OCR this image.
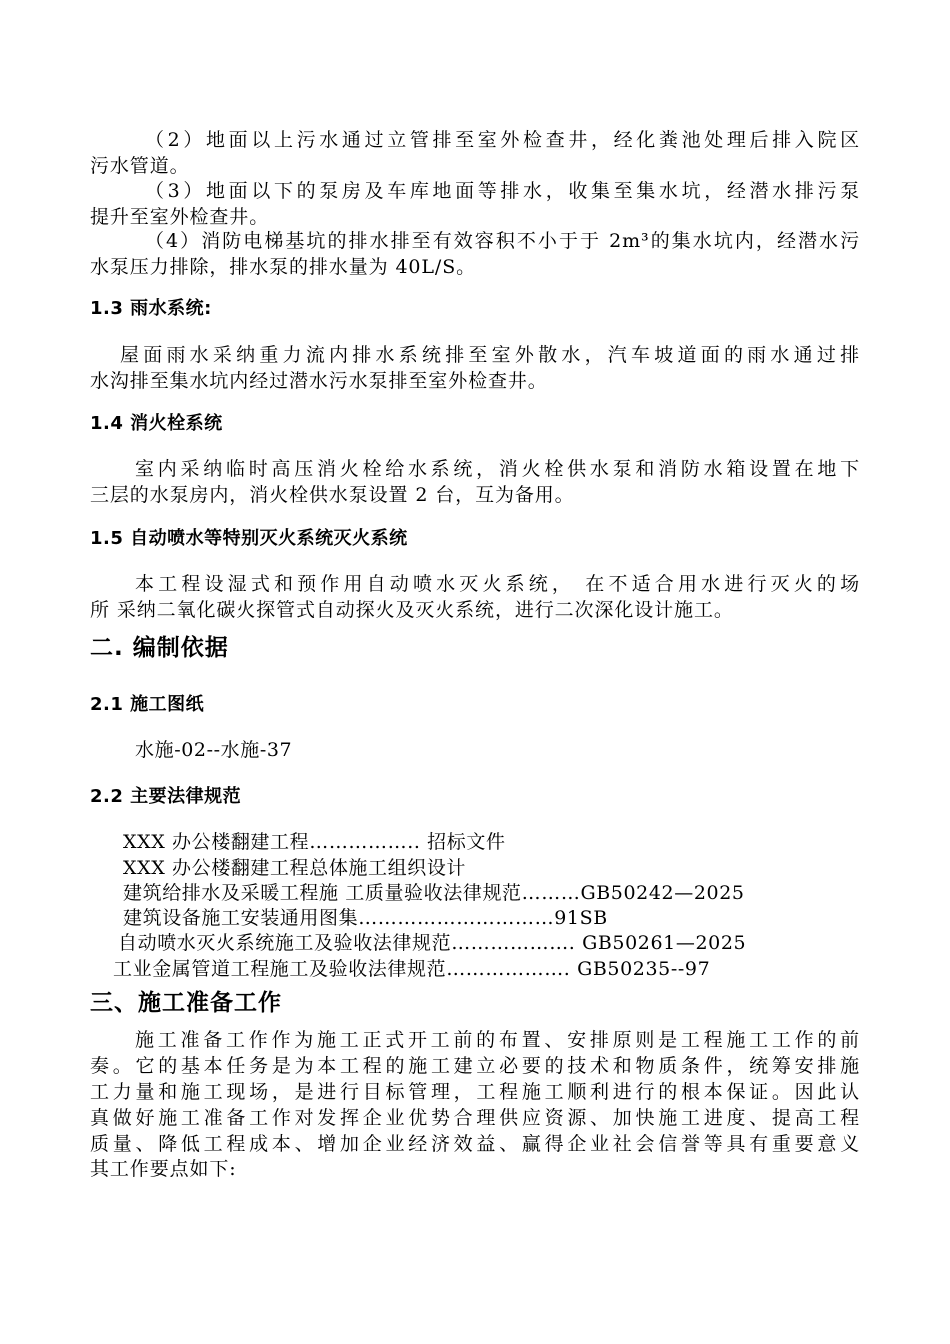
（2）地面以上污水通过立管排至室外检查井，经化粪池处理后排入院区
污水管道。
（3）地面以下的泵房及车库地面等排水，收集至集水坑，经潜水排污泵
提升至室外检查井。
（4）消防电梯基坑的排水排至有效容积不小于于 2m³的集水坑内，经潜水污
水泵压力排除，排水泵的排水量为 40L/S。
1.3 雨水系统:
屋面雨水采纳重力流内排水系统排至室外散水，汽车坡道面的雨水通过排
水沟排至集水坑内经过潜水污水泵排至室外检查井。
1.4 消火栓系统
室内采纳临时高压消火栓给水系统，消火栓供水泵和消防水箱设置在地下
三层的水泵房内，消火栓供水泵设置 2 台，互为备用。
1.5 自动喷水等特别灭火系统灭火系统
本工程设湿式和预作用自动喷水灭火系统， 在不适合用水进行灭火的场
所 采纳二氧化碳火探管式自动探火及灭火系统，进行二次深化设计施工。
二. 编制依据
2.1 施工图纸
水施-02--水施-37
2.2 主要法律规范
XXX 办公楼翻建工程…………….. 招标文件
XXX 办公楼翻建工程总体施工组织设计
建筑给排水及采暖工程施 工质量验收法律规范………GB50242—2025
建筑设备施工安装通用图集…………………………91SB
自动喷水灭火系统施工及验收法律规范………………. GB50261—2025
工业金属管道工程施工及验收法律规范………………. GB50235--97
三、施工准备工作
施工准备工作作为施工正式开工前的布置、安排原则是工程施工工作的前
奏。它的基本任务是为本工程的施工建立必要的技术和物质条件，统筹安排施
工力量和施工现场，是进行目标管理，工程施工顺利进行的根本保证。因此认
真做好施工准备工作对发挥企业优势合理供应资源、加快施工进度、提高工程
质量、降低工程成本、增加企业经济效益、赢得企业社会信誉等具有重要意义
其工作要点如下:
